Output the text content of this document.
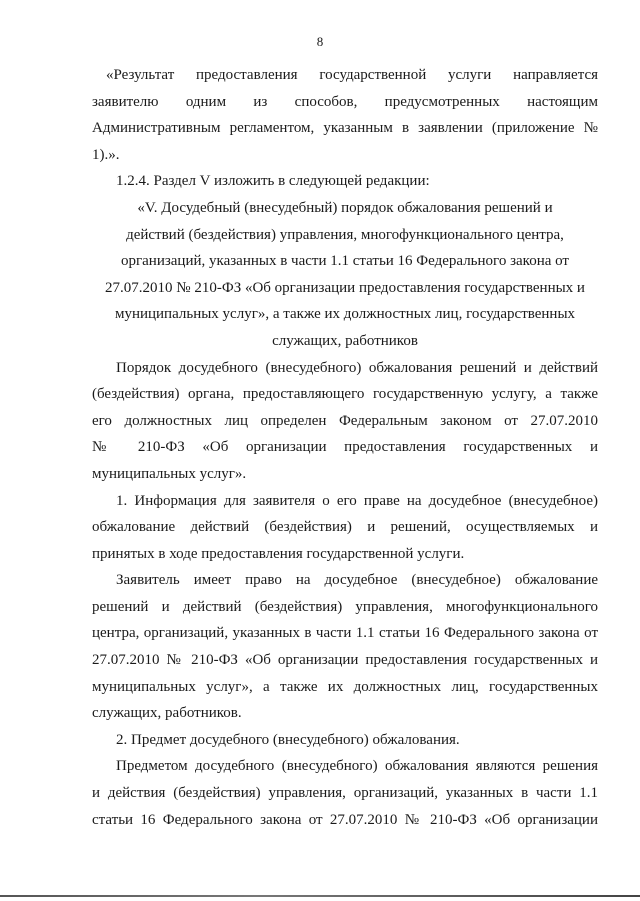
8

«Результат предоставления государственной услуги направляется

заявителю одним из способов, предусмотренных настоящим

Административным регламентом, указанным в заявлении (приложение №

1).».

1.2.4. Раздел V изложить в следующей редакции:

«V. Досудебный (внесудебный) порядок обжалования решений и

действий (бездействия) управления, многофункционального центра,

организаций, указанных в части 1.1 статьи 16 Федерального закона от

27.07.2010 № 210-ФЗ «Об организации предоставления государственных и

муниципальных услуг», а также их должностных лиц, государственных

служащих, работников

Порядок досудебного (внесудебного) обжалования решений и действий

(бездействия) органа, предоставляющего государственную услугу, а также

его должностных лиц определен Федеральным законом от 27.07.2010

№ 210-ФЗ «Об организации предоставления государственных и

муниципальных услуг».

1. Информация для заявителя о его праве на досудебное (внесудебное)

обжалование действий (бездействия) и решений, осуществляемых и

принятых в ходе предоставления государственной услуги.

Заявитель имеет право на досудебное (внесудебное) обжалование

решений и действий (бездействия) управления, многофункционального

центра, организаций, указанных в части 1.1 статьи 16 Федерального закона от

27.07.2010 № 210-ФЗ «Об организации предоставления государственных и

муниципальных услуг», а также их должностных лиц, государственных

служащих, работников.

2. Предмет досудебного (внесудебного) обжалования.

Предметом досудебного (внесудебного) обжалования являются решения

и действия (бездействия) управления, организаций, указанных в части 1.1

статьи 16 Федерального закона от 27.07.2010 № 210-ФЗ «Об организации
